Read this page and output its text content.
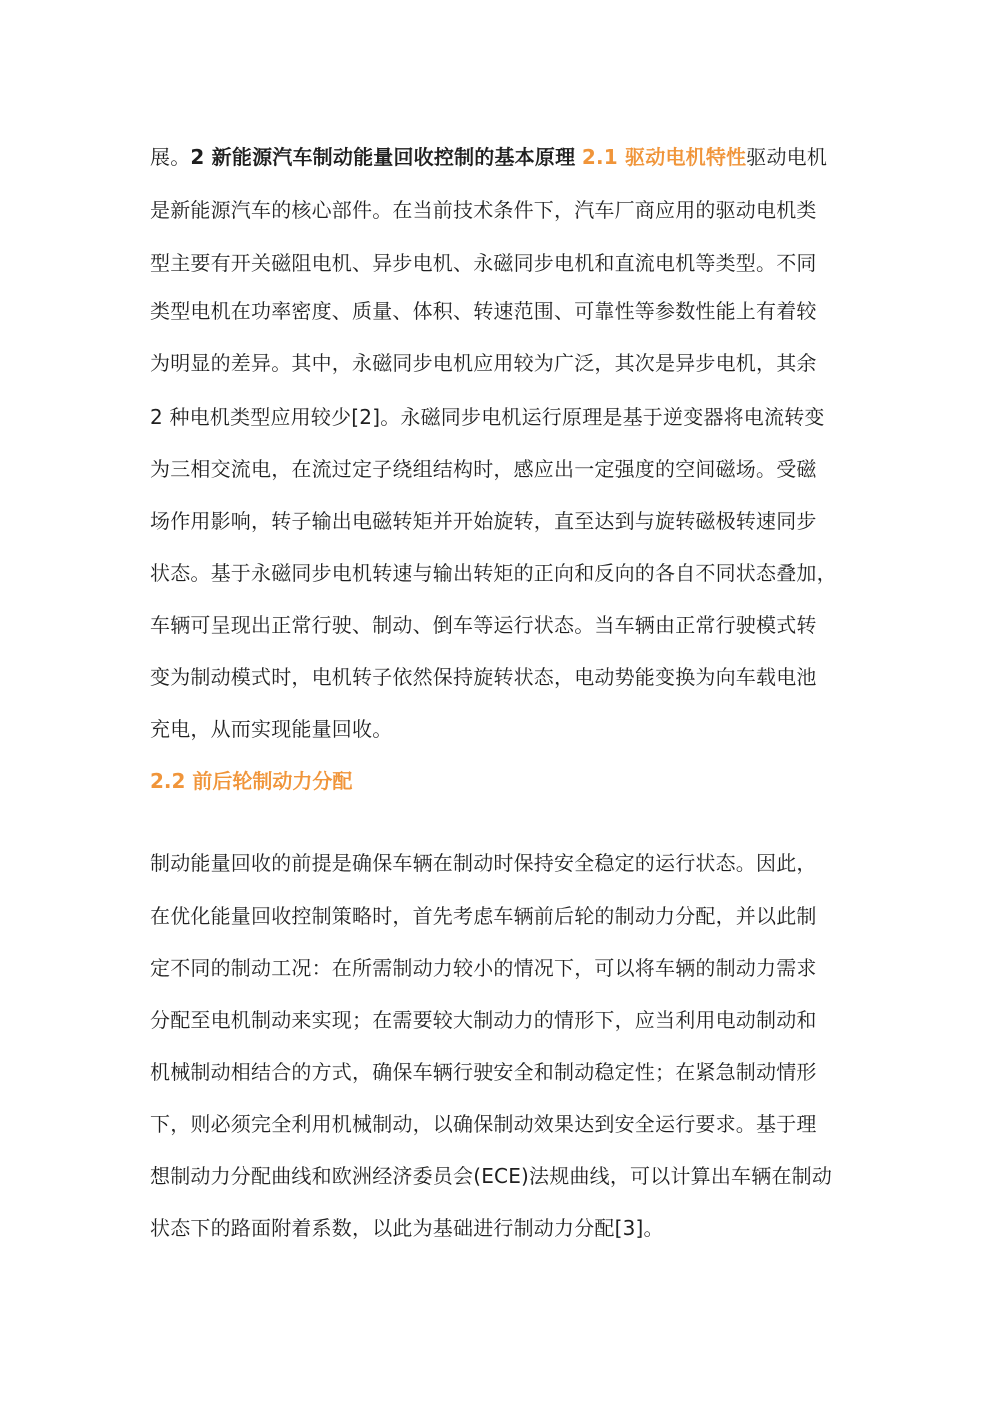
展。2 新能源汽车制动能量回收控制的基本原理 2.1 驱动电机特性驱动电机
是新能源汽车的核心部件。在当前技术条件下，汽车厂商应用的驱动电机类
型主要有开关磁阻电机、异步电机、永磁同步电机和直流电机等类型。不同
类型电机在功率密度、质量、体积、转速范围、可靠性等参数性能上有着较
为明显的差异。其中，永磁同步电机应用较为广泛，其次是异步电机，其余
2 种电机类型应用较少[2]。永磁同步电机运行原理是基于逆变器将电流转变
为三相交流电，在流过定子绕组结构时，感应出一定强度的空间磁场。受磁
场作用影响，转子输出电磁转矩并开始旋转，直至达到与旋转磁极转速同步
状态。基于永磁同步电机转速与输出转矩的正向和反向的各自不同状态叠加，
车辆可呈现出正常行驶、制动、倒车等运行状态。当车辆由正常行驶模式转
变为制动模式时，电机转子依然保持旋转状态，电动势能变换为向车载电池
充电，从而实现能量回收。
2.2 前后轮制动力分配
制动能量回收的前提是确保车辆在制动时保持安全稳定的运行状态。因此，
在优化能量回收控制策略时，首先考虑车辆前后轮的制动力分配，并以此制
定不同的制动工况：在所需制动力较小的情况下，可以将车辆的制动力需求
分配至电机制动来实现；在需要较大制动力的情形下，应当利用电动制动和
机械制动相结合的方式，确保车辆行驶安全和制动稳定性；在紧急制动情形
下，则必须完全利用机械制动，以确保制动效果达到安全运行要求。基于理
想制动力分配曲线和欧洲经济委员会(ECE)法规曲线，可以计算出车辆在制动
状态下的路面附着系数，以此为基础进行制动力分配[3]。
